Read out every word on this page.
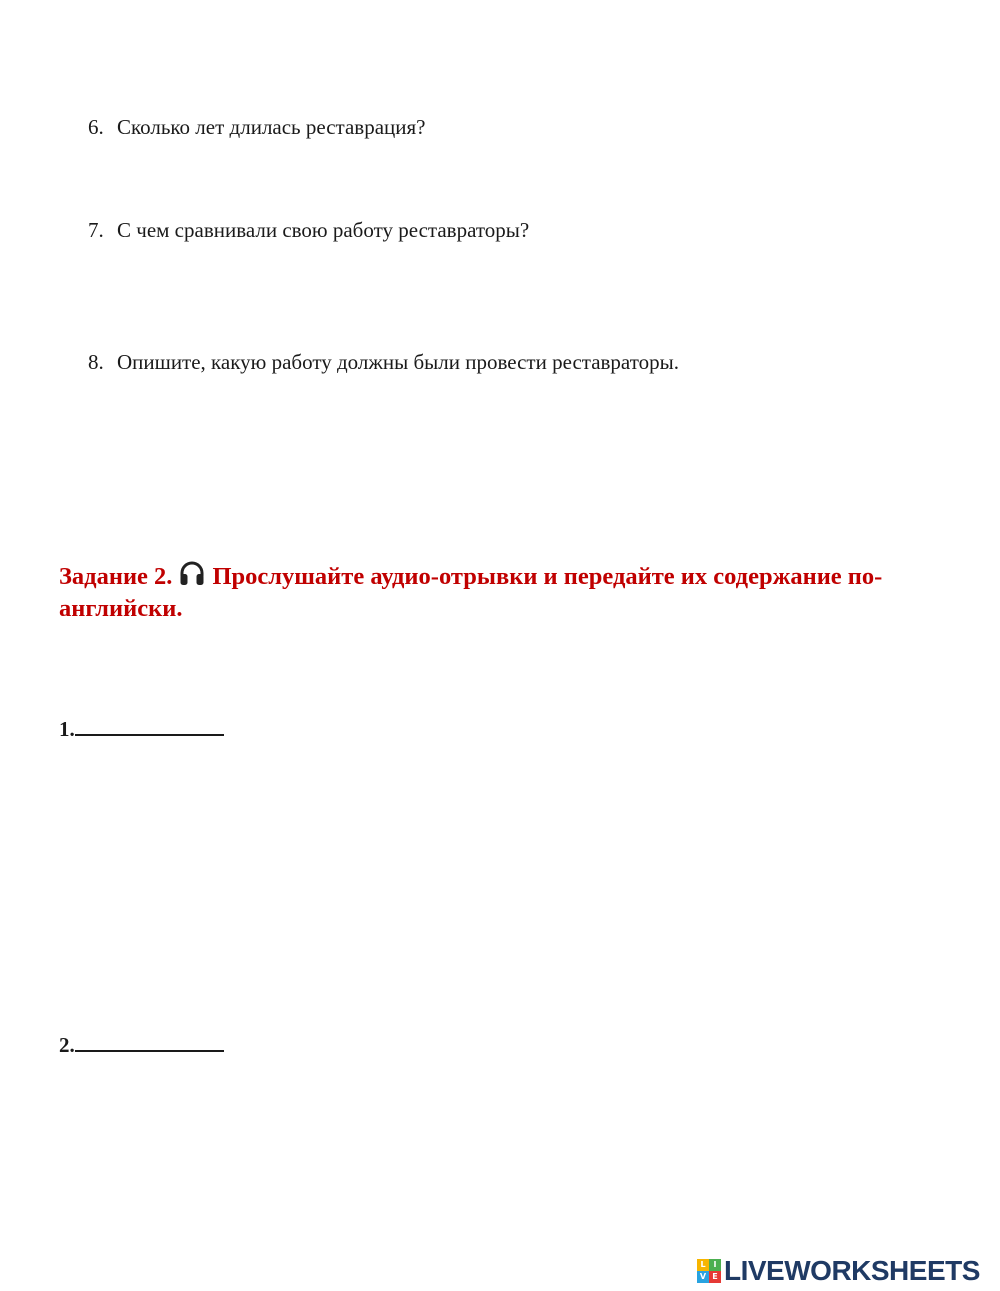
6. Сколько лет длилась реставрация?
7. С чем сравнивали свою работу реставраторы?
8. Опишите, какую работу должны были провести реставраторы.
Задание 2. Прослушайте аудио-отрывки и передайте их содержание по-английски.
1.
2.
L I
V E LIVEWORKSHEETS
